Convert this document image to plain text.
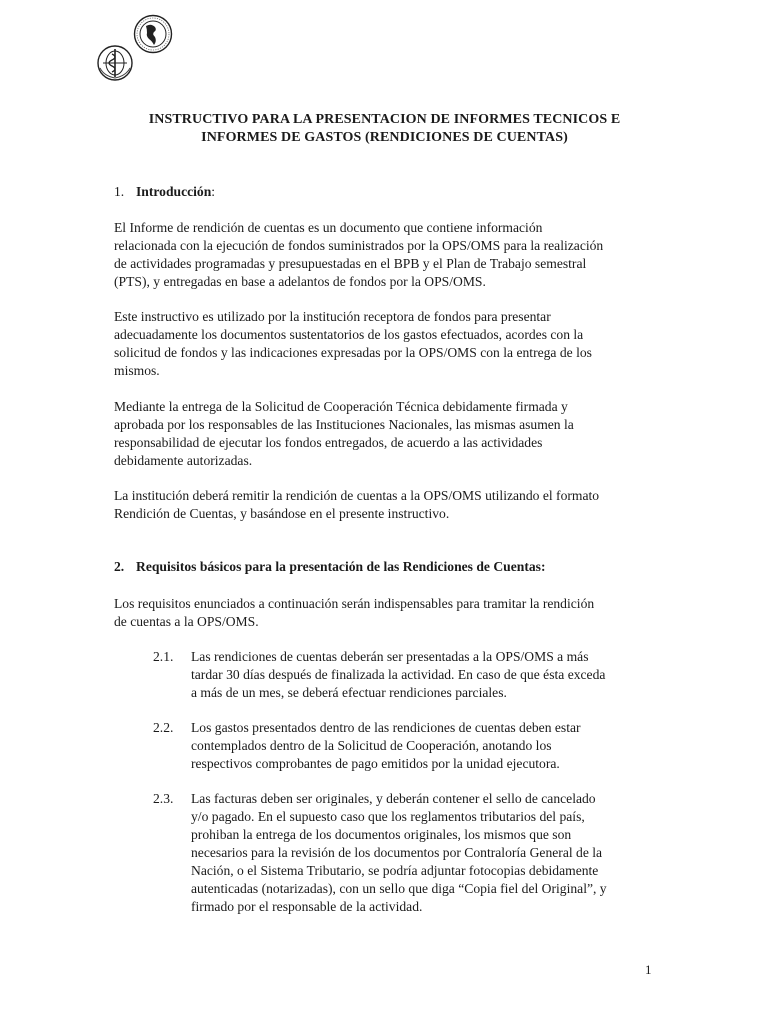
INSTRUCTIVO PARA LA PRESENTACION DE INFORMES TECNICOS E
INFORMES DE GASTOS (RENDICIONES DE CUENTAS)
1. Introducción:

El Informe de rendición de cuentas es un documento que contiene información
relacionada con la ejecución de fondos suministrados por la OPS/OMS para la realización
de actividades programadas y presupuestadas en el BPB y el Plan de Trabajo semestral
(PTS), y entregadas en base a adelantos de fondos por la OPS/OMS.

Este instructivo es utilizado por la institución receptora de fondos para presentar
adecuadamente los documentos sustentatorios de los gastos efectuados, acordes con la
solicitud de fondos y las indicaciones expresadas por la OPS/OMS con la entrega de los
mismos.

Mediante la entrega de la Solicitud de Cooperación Técnica debidamente firmada y
aprobada por los responsables de las Instituciones Nacionales, las mismas asumen la
responsabilidad de ejecutar los fondos entregados, de acuerdo a las actividades
debidamente autorizadas.

La institución deberá remitir la rendición de cuentas a la OPS/OMS utilizando el formato
Rendición de Cuentas, y basándose en el presente instructivo.

2. Requisitos básicos para la presentación de las Rendiciones de Cuentas:

Los requisitos enunciados a continuación serán indispensables para tramitar la rendición
de cuentas a la OPS/OMS.

2.1.	Las rendiciones de cuentas deberán ser presentadas a la OPS/OMS a más
tardar 30 días después de finalizada la actividad. En caso de que ésta exceda
a más de un mes, se deberá efectuar rendiciones parciales.
2.2.	Los gastos presentados dentro de las rendiciones de cuentas deben estar
contemplados dentro de la Solicitud de Cooperación, anotando los
respectivos comprobantes de pago emitidos por la unidad ejecutora.
2.3.	Las facturas deben ser originales, y deberán contener el sello de cancelado
y/o pagado. En el supuesto caso que los reglamentos tributarios del país,
prohiban la entrega de los documentos originales, los mismos que son
necesarios para la revisión de los documentos por Contraloría General de la
Nación, o el Sistema Tributario, se podría adjuntar fotocopias debidamente
autenticadas (notarizadas), con un sello que diga “Copia fiel del Original”, y
firmado por el responsable de la actividad.
1
